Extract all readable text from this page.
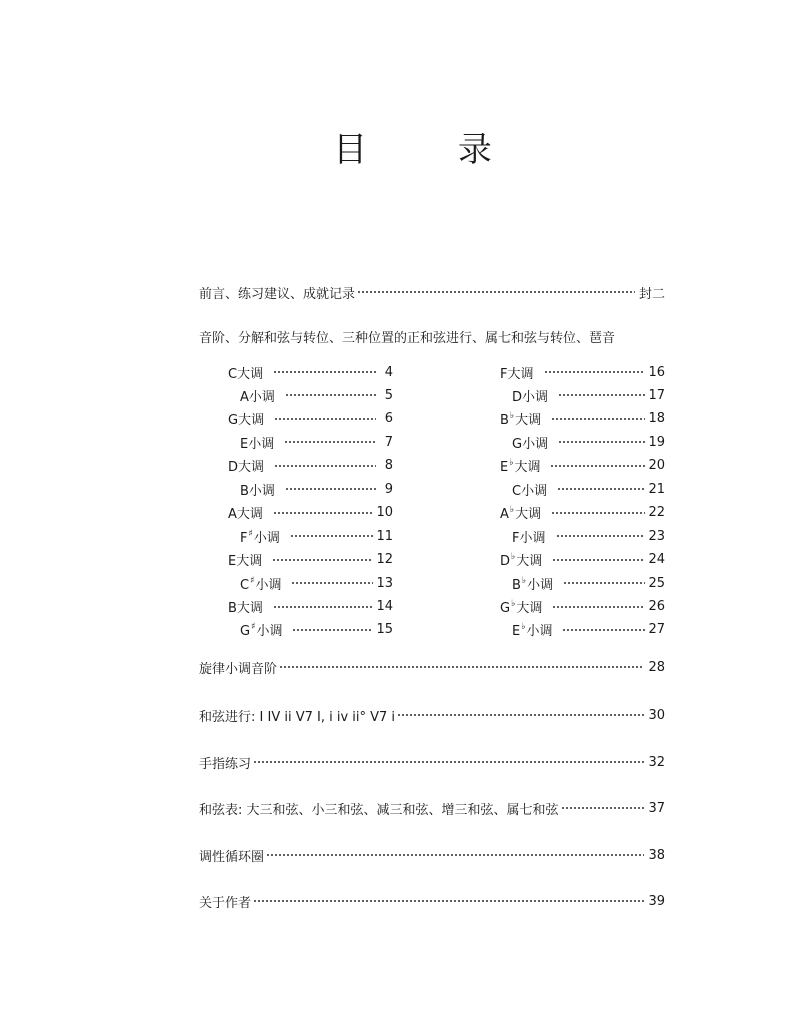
目 录
前言、练习建议、成就记录	封二
音阶、分解和弦与转位、三种位置的正和弦进行、属七和弦与转位、琶音
C大调	4
A小调	5
G大调	6
E小调	7
D大调	8
B小调	9
A大调	10
F♯小调	11
E大调	12
C♯小调	13
B大调	14
G♯小调	15
F大调	16
D小调	17
B♭大调	18
G小调	19
E♭大调	20
C小调	21
A♭大调	22
F小调	23
D♭大调	24
B♭小调	25
G♭大调	26
E♭小调	27
旋律小调音阶	28
和弦进行: I IV ii V7 I, i iv ii° V7 i	30
手指练习	32
和弦表: 大三和弦、小三和弦、减三和弦、增三和弦、属七和弦	37
调性循环圈	38
关于作者	39
